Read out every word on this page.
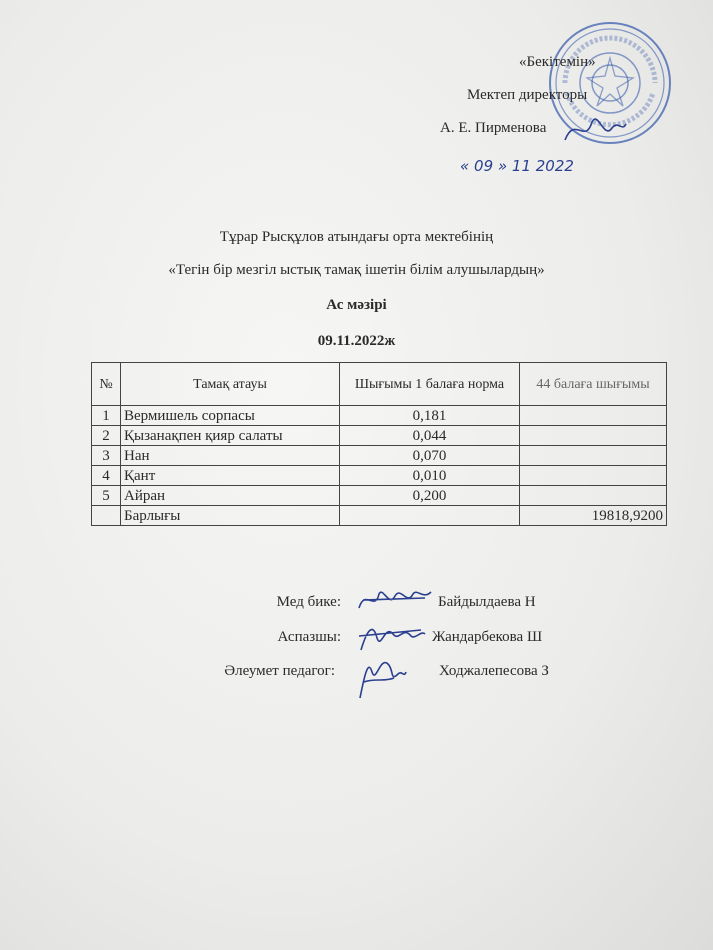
«Бекітемін»
Мектеп директоры
А. Е. Пирменова
« 09 » 11 2022
Тұрар Рысқұлов атындағы орта мектебінің
«Тегін бір мезгіл ыстық тамақ ішетін білім алушылардың»
Ас мәзірі
09.11.2022ж
№	Тамақ атауы	Шығымы 1 балаға норма	44 балаға шығымы
1	Вермишель сорпасы	0,181	
2	Қызанақпен қияр салаты	0,044	
3	Нан	0,070	
4	Қант	0,010	
5	Айран	0,200	
	Барлығы		19818,9200
Мед бике:	Байдылдаева Н
Аспазшы:	Жандарбекова Ш
Әлеумет педагог:	Ходжалепесова З
